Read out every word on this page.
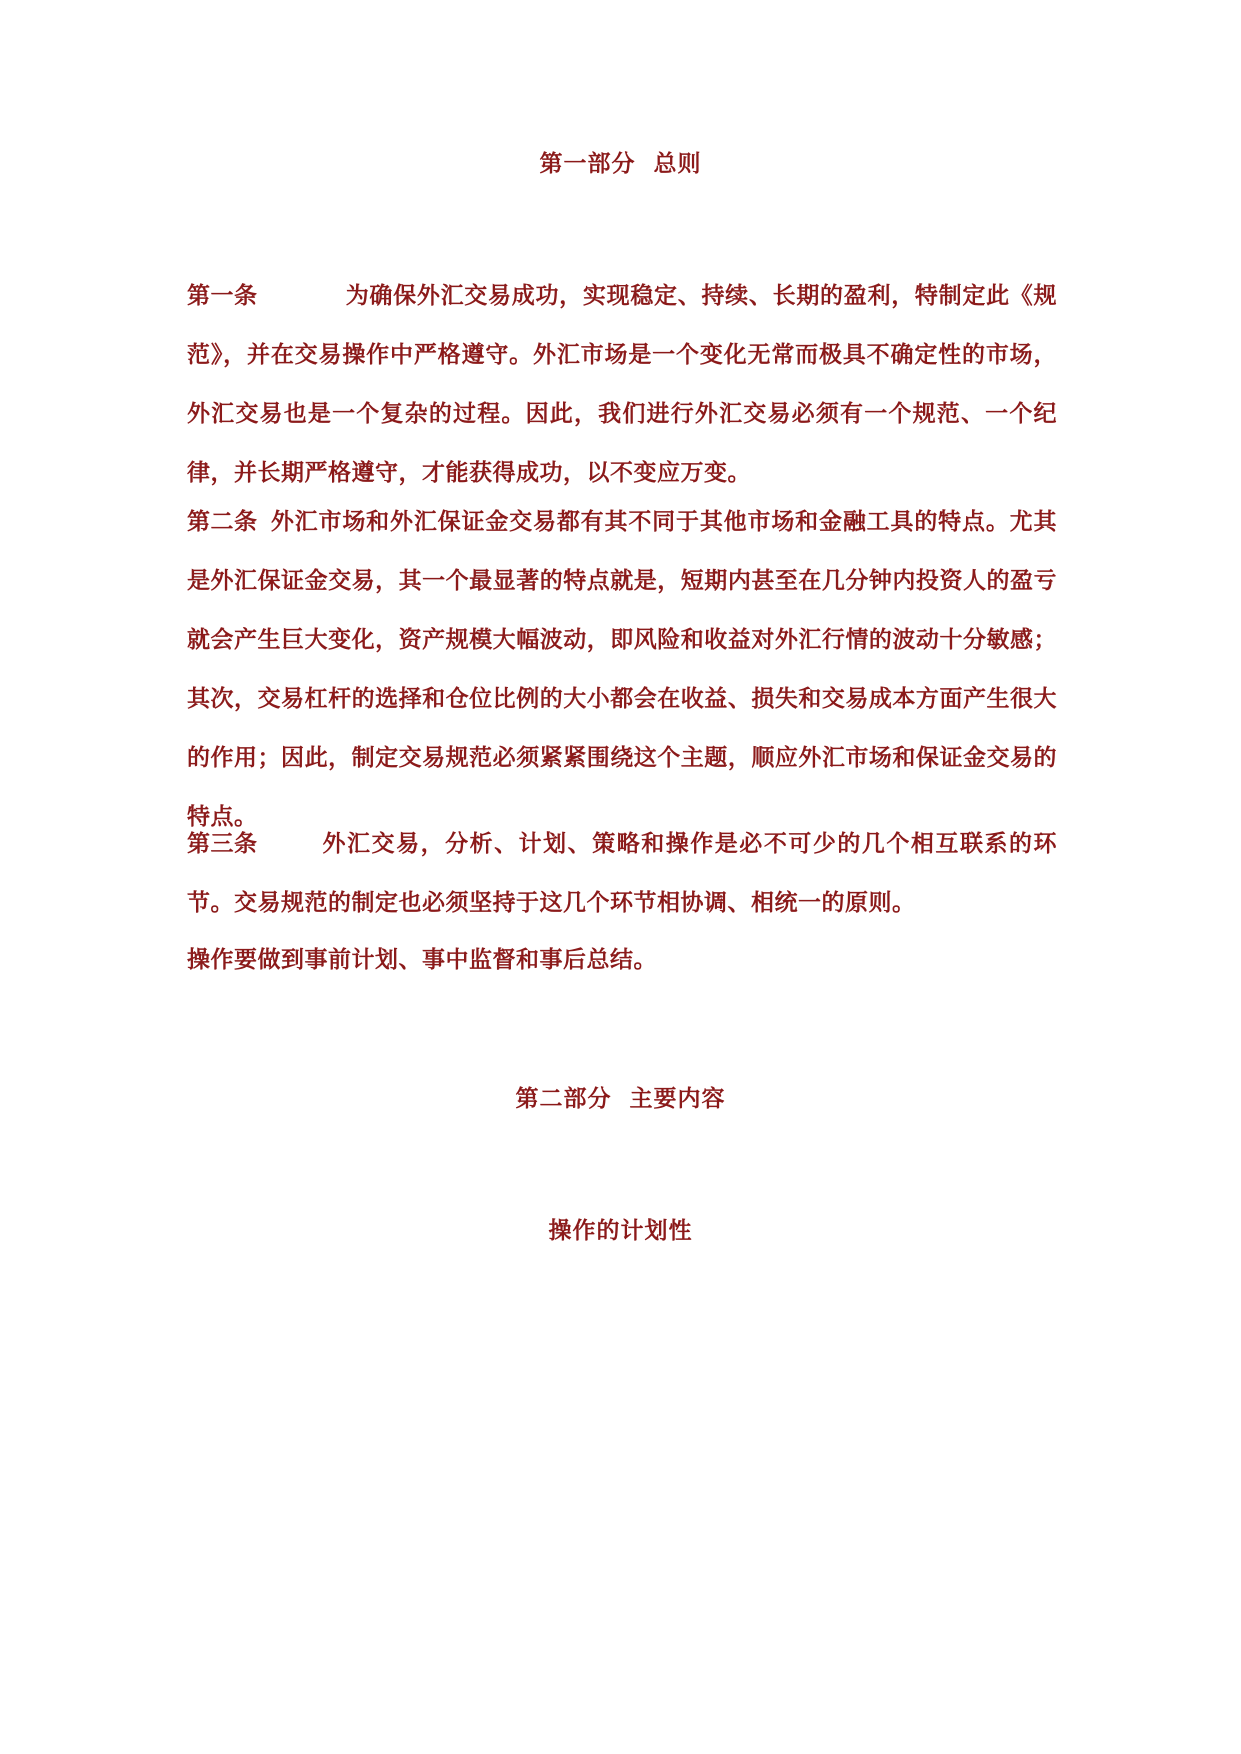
第一部分  总则
第一条	为确保外汇交易成功，实现稳定、持续、长期的盈利，特制定此《规范》，并在交易操作中严格遵守。外汇市场是一个变化无常而极具不确定性的市场，外汇交易也是一个复杂的过程。因此，我们进行外汇交易必须有一个规范、一个纪律，并长期严格遵守，才能获得成功，以不变应万变。
第二条 外汇市场和外汇保证金交易都有其不同于其他市场和金融工具的特点。尤其是外汇保证金交易，其一个最显著的特点就是，短期内甚至在几分钟内投资人的盈亏就会产生巨大变化，资产规模大幅波动，即风险和收益对外汇行情的波动十分敏感；其次，交易杠杆的选择和仓位比例的大小都会在收益、损失和交易成本方面产生很大的作用；因此，制定交易规范必须紧紧围绕这个主题，顺应外汇市场和保证金交易的特点。
第三条	外汇交易，分析、计划、策略和操作是必不可少的几个相互联系的环节。交易规范的制定也必须坚持于这几个环节相协调、相统一的原则。
操作要做到事前计划、事中监督和事后总结。
第二部分  主要内容
操作的计划性
